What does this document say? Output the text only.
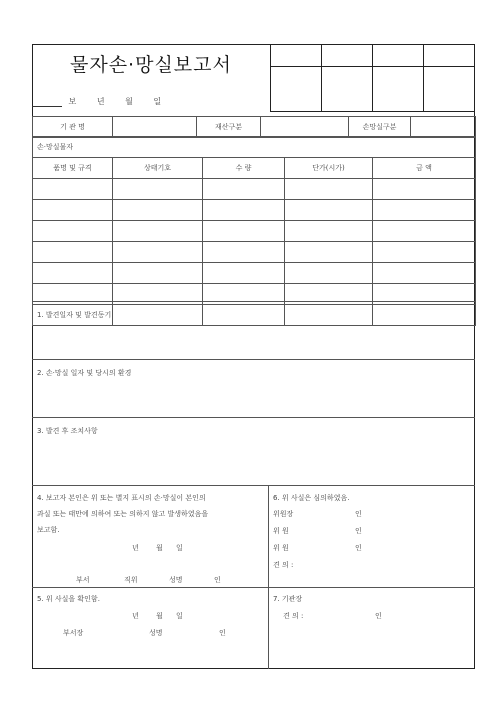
물자손·망실보고서
보	년	월	일

기 관 명		재산구분		손망실구분	
손·망실물자				
품명 및 규격	상태기호	수 량	단가(시가)	금 액

1. 발견일자 및 발견동기
2. 손·망실 일자 및 당시의 환경
3. 발견 후 조치사항
4. 보고자 본인은 위 또는 별지 표시의 손·망실이 본인의
과실 또는 태만에 의하여 또는 의하지 않고 발생하였음을
보고함.
년 월 일
부서	직위	성명	인
6. 위 사실은 심의하였음.
위원장	인
위 원	인
위 원	인
견 의 :
5. 위 사실을 확인함.
년 월 일
부서장	성명	인
7. 기관장
견 의 :	인
